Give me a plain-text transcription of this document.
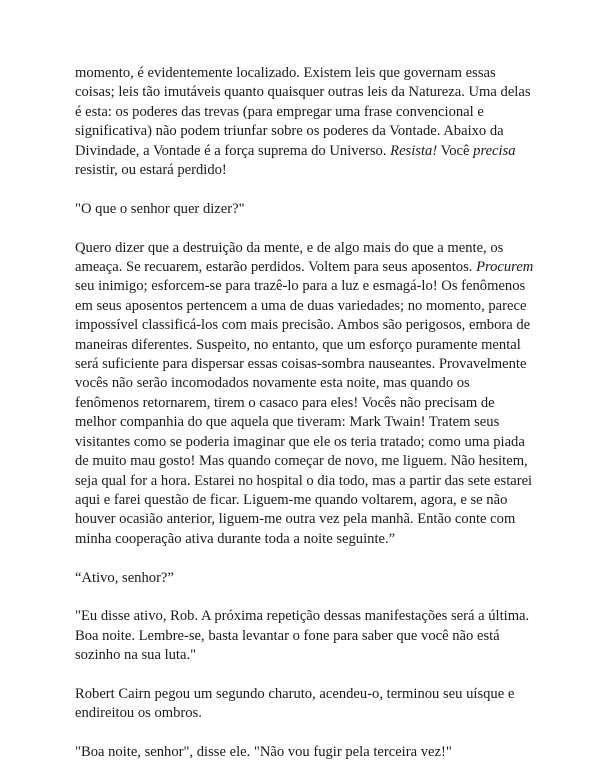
momento, é evidentemente localizado. Existem leis que governam essas coisas; leis tão imutáveis quanto quaisquer outras leis da Natureza. Uma delas é esta: os poderes das trevas (para empregar uma frase convencional e significativa) não podem triunfar sobre os poderes da Vontade. Abaixo da Divindade, a Vontade é a força suprema do Universo. Resista! Você precisa resistir, ou estará perdido!

"O que o senhor quer dizer?"

Quero dizer que a destruição da mente, e de algo mais do que a mente, os ameaça. Se recuarem, estarão perdidos. Voltem para seus aposentos. Procurem seu inimigo; esforcem-se para trazê-lo para a luz e esmagá-lo! Os fenômenos em seus aposentos pertencem a uma de duas variedades; no momento, parece impossível classificá-los com mais precisão. Ambos são perigosos, embora de maneiras diferentes. Suspeito, no entanto, que um esforço puramente mental será suficiente para dispersar essas coisas-sombra nauseantes. Provavelmente vocês não serão incomodados novamente esta noite, mas quando os fenômenos retornarem, tirem o casaco para eles! Vocês não precisam de melhor companhia do que aquela que tiveram: Mark Twain! Tratem seus visitantes como se poderia imaginar que ele os teria tratado; como uma piada de muito mau gosto! Mas quando começar de novo, me liguem. Não hesitem, seja qual for a hora. Estarei no hospital o dia todo, mas a partir das sete estarei aqui e farei questão de ficar. Liguem-me quando voltarem, agora, e se não houver ocasião anterior, liguem-me outra vez pela manhã. Então conte com minha cooperação ativa durante toda a noite seguinte.”

“Ativo, senhor?”

"Eu disse ativo, Rob. A próxima repetição dessas manifestações será a última. Boa noite. Lembre-se, basta levantar o fone para saber que você não está sozinho na sua luta."

Robert Cairn pegou um segundo charuto, acendeu-o, terminou seu uísque e endireitou os ombros.

"Boa noite, senhor", disse ele. "Não vou fugir pela terceira vez!"
